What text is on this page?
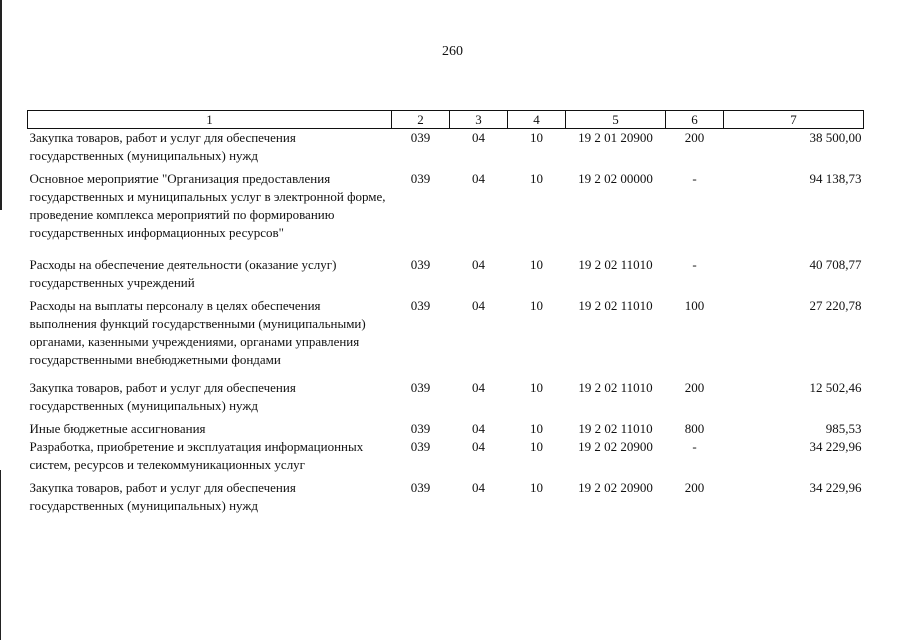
260
1	2	3	4	5	6	7
Закупка товаров, работ и услуг для обеспечения государственных (муниципальных) нужд	039	04	10	19 2 01 20900	200	38 500,00
Основное мероприятие "Организация предоставления государственных и муниципальных услуг в электронной форме, проведение комплекса мероприятий по формированию государственных информационных ресурсов"	039	04	10	19 2 02 00000	-	94 138,73
Расходы на обеспечение деятельности (оказание услуг) государственных учреждений	039	04	10	19 2 02 11010	-	40 708,77
Расходы на выплаты персоналу в целях обеспечения выполнения функций государственными (муниципальными) органами, казенными учреждениями, органами управления государственными внебюджетными фондами	039	04	10	19 2 02 11010	100	27 220,78
Закупка товаров, работ и услуг для обеспечения государственных (муниципальных) нужд	039	04	10	19 2 02 11010	200	12 502,46
Иные бюджетные ассигнования	039	04	10	19 2 02 11010	800	985,53
Разработка, приобретение и эксплуатация информационных систем, ресурсов и телекоммуникационных услуг	039	04	10	19 2 02 20900	-	34 229,96
Закупка товаров, работ и услуг для обеспечения государственных (муниципальных) нужд	039	04	10	19 2 02 20900	200	34 229,96
